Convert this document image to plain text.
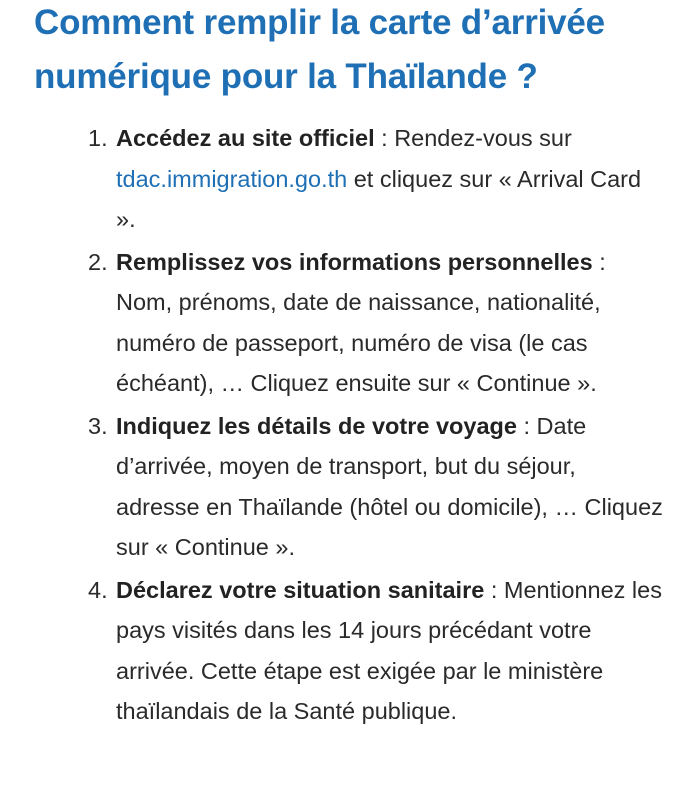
Comment remplir la carte d’arrivée numérique pour la Thaïlande ?
1. Accédez au site officiel : Rendez-vous sur tdac.immigration.go.th et cliquez sur « Arrival Card ».
2. Remplissez vos informations personnelles : Nom, prénoms, date de naissance, nationalité, numéro de passeport, numéro de visa (le cas échéant), … Cliquez ensuite sur « Continue ».
3. Indiquez les détails de votre voyage : Date d’arrivée, moyen de transport, but du séjour, adresse en Thaïlande (hôtel ou domicile), … Cliquez sur « Continue ».
4. Déclarez votre situation sanitaire : Mentionnez les pays visités dans les 14 jours précédant votre arrivée. Cette étape est exigée par le ministère thaïlandais de la Santé publique.
